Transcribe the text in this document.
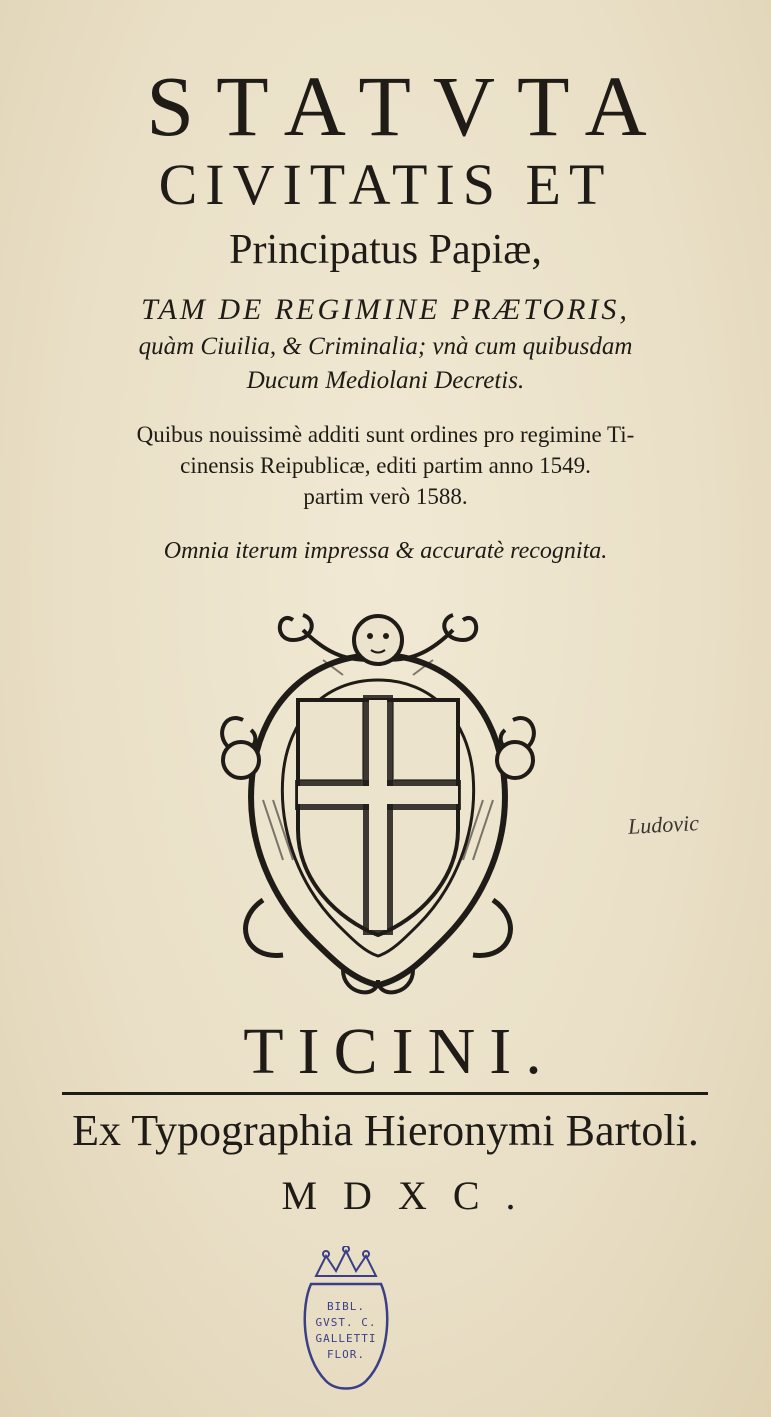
STATVTA
CIVITATIS ET
Principatus Papiæ,
TAM DE REGIMINE PRÆTORIS,
quàm Ciuilia, & Criminalia; vnà cum quibusdam
Ducum Mediolani Decretis.
Quibus nouissimè additi sunt ordines pro regimine Ti-
cinensis Reipublicæ, editi partim anno 1549.
partim verò 1588.
Omnia iterum impressa & accuratè recognita.
Ludovic
TICINI.
Ex Typographia Hieronymi Bartoli.
MDXC.
BIBL.
GVST. C.
GALLETTI
FLOR.
